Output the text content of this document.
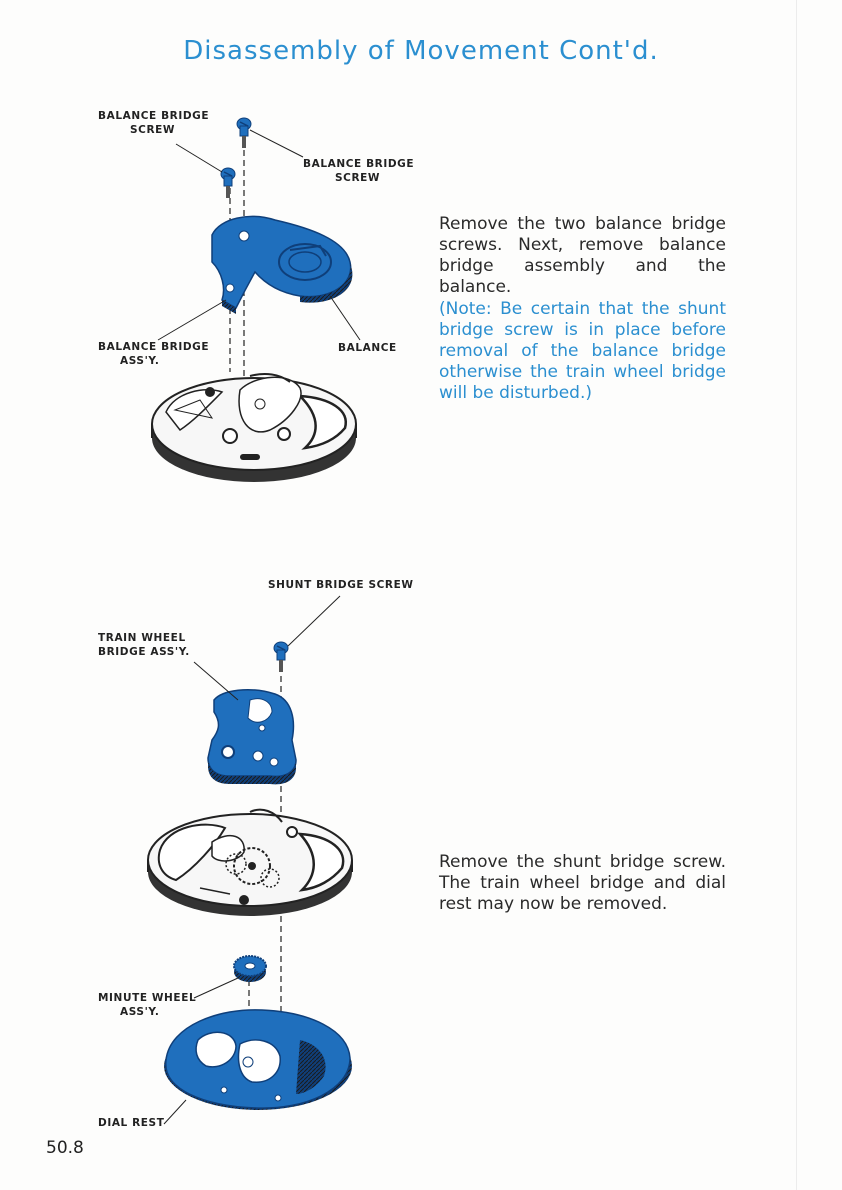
Disassembly of Movement Cont'd.
BALANCE BRIDGE
SCREW
BALANCE BRIDGE
SCREW
BALANCE BRIDGE
ASS'Y.
BALANCE

Remove the two balance bridge screws. Next, remove balance bridge assembly and the balance.

(Note: Be certain that the shunt bridge screw is in place before removal of the balance bridge otherwise the train wheel bridge will be disturbed.)

SHUNT BRIDGE SCREW
TRAIN WHEEL
BRIDGE ASS'Y.
MINUTE WHEEL
ASS'Y.
DIAL REST

Remove the shunt bridge screw. The train wheel bridge and dial rest may now be removed.

50.8
